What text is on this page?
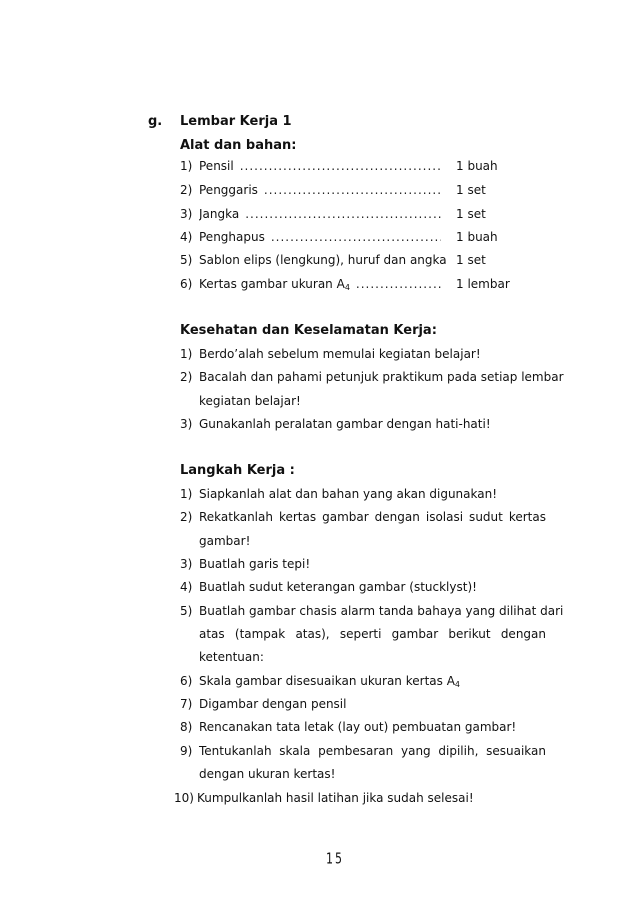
g. Lembar Kerja 1
Alat dan bahan:
1) Pensil .....	1 buah
2) Penggaris .....	1 set
3) Jangka .....	1 set
4) Penghapus .....	1 buah
5) Sablon elips (lengkung), huruf dan angka 1 set
6) Kertas gambar ukuran $A_4$ .....	1 lembar
Kesehatan dan Keselamatan Kerja:
1) Berdo’alah sebelum memulai kegiatan belajar!
2) Bacalah dan pahami petunjuk praktikum pada setiap lembar
kegiatan belajar!
3) Gunakanlah peralatan gambar dengan hati-hati!
Langkah Kerja :
1) Siapkanlah alat dan bahan yang akan digunakan!
2) Rekatkanlah kertas gambar dengan isolasi sudut kertas
gambar!
3) Buatlah garis tepi!
4) Buatlah sudut keterangan gambar (stucklyst)!
5) Buatlah gambar chasis alarm tanda bahaya yang dilihat dari
atas (tampak atas), seperti gambar berikut dengan
ketentuan:
6) Skala gambar disesuaikan ukuran kertas $A_4$
7) Digambar dengan pensil
8) Rencanakan tata letak (lay out) pembuatan gambar!
9) Tentukanlah skala pembesaran yang dipilih, sesuaikan
dengan ukuran kertas!
10) Kumpulkanlah hasil latihan jika sudah selesai!
15
